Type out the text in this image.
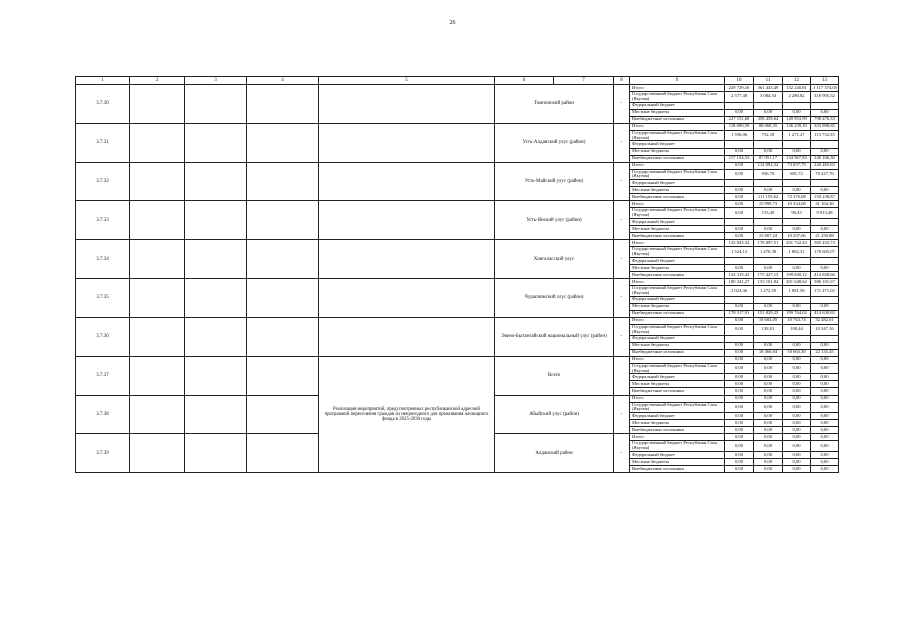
26
1	2	3	4	5	6	7	8	9	10	11	12	13
3.7.30					Томпонский район		-	Итого	229 729,16	361 443,49	152 240,81	1 117 374,05
								Государственный бюджет Республики Саха (Якутия)	2 577,48	3 084,34	2 280,82	318 905,52
								Федеральный бюджет				
								Местные бюджеты	0,00	0,00	0,00	0,00
								Внебюджетные источники	227 151,68	358 459,64	149 953,99	798 476,33
3.7.31					Усть-Алданский улус (район)		-	Итого	118 690,59	88 068,35	136 239,10	353 898,65
								Государственный бюджет Республики Саха (Якутия)	1 556,06	752,18	1 271,27	113 732,35
								Федеральный бюджет				
								Местные бюджеты	0,00	0,00	0,00	0,00
								Внебюджетные источники	117 134,53	87 951,17	134 967,83	240 166,30
3.7.32					Усть-Майский улус (район)		-	Итого	0,00	112 092,32	73 057,79	220 465,63
								Государственный бюджет Республики Саха (Якутия)	0,00	936,70	681,72	70 227,76
								Федеральный бюджет				
								Местные бюджеты	0,00	0,00	0,00	0,00
								Внебюджетные источники	0,00	111 155,62	72 376,08	150 238,87
3.7.33					Усть-Янский улус (район)		-	Итого	0,00	15 999,73	10 334,08	31 164,36
								Государственный бюджет Республики Саха (Якутия)	0,00	153,49	96,43	9 913,48
								Федеральный бюджет				
								Местные бюджеты	0,00	0,00	0,00	0,00
								Внебюджетные источники	0,00	15 807,24	10 237,66	21 250,88
3.7.34					Хангаласский улус		-	Итого	135 843,54	176 897,51	201 722,43	585 433,73
								Государственный бюджет Республики Саха (Якутия)	1 524,12	1 470,38	1 882,31	170 605,07
								Федеральный бюджет				
								Местные бюджеты	0,00	0,00	0,00	0,00
								Внебюджетные источники	134 319,42	175 427,13	199 840,12	414 828,66
3.7.35					Чурапчинский улус (район)		-	Итого	180 341,27	153 101,84	201 648,62	586 101,67
								Государственный бюджет Республики Саха (Якутия)	2 023,36	1 272,59	1 881,59	171 471,02
								Федеральный бюджет				
								Местные бюджеты	0,00	0,00	0,00	0,00
								Внебюджетные источники	178 317,91	151 829,25	199 764,02	414 630,65
3.7.36					Эвено-Бытантайский национальный улус (район)		-	Итого	0,00	18 604,05	10 763,74	32 482,61
								Государственный бюджет Республики Саха (Якутия)	0,00	138,01	100,44	10 347,16
								Федеральный бюджет				
								Местные бюджеты	0,00	0,00	0,00	0,00
								Внебюджетные источники	0,00	18 466,04	10 663,30	22 135,45
3.7.37				Реализация мероприятий, предусмотренных республиканской адресной программой переселения граждан из непригодного для проживания жилищного фонда в 2025-2030 годы	Всего			Итого	0,00	0,00	0,00	0,00
								Государственный бюджет Республики Саха (Якутия)	0,00	0,00	0,00	0,00
								Федеральный бюджет	0,00	0,00	0,00	0,00
								Местные бюджеты	0,00	0,00	0,00	0,00
								Внебюджетные источники	0,00	0,00	0,00	0,00
3.7.38					Абыйский улус (район)		-	Итого	0,00	0,00	0,00	0,00
								Государственный бюджет Республики Саха (Якутия)	0,00	0,00	0,00	0,00
								Федеральный бюджет	0,00	0,00	0,00	0,00
								Местные бюджеты	0,00	0,00	0,00	0,00
								Внебюджетные источники	0,00	0,00	0,00	0,00
3.7.39					Алданский район		-	Итого	0,00	0,00	0,00	0,00
								Государственный бюджет Республики Саха (Якутия)	0,00	0,00	0,00	0,00
								Федеральный бюджет	0,00	0,00	0,00	0,00
								Местные бюджеты	0,00	0,00	0,00	0,00
								Внебюджетные источники	0,00	0,00	0,00	0,00
